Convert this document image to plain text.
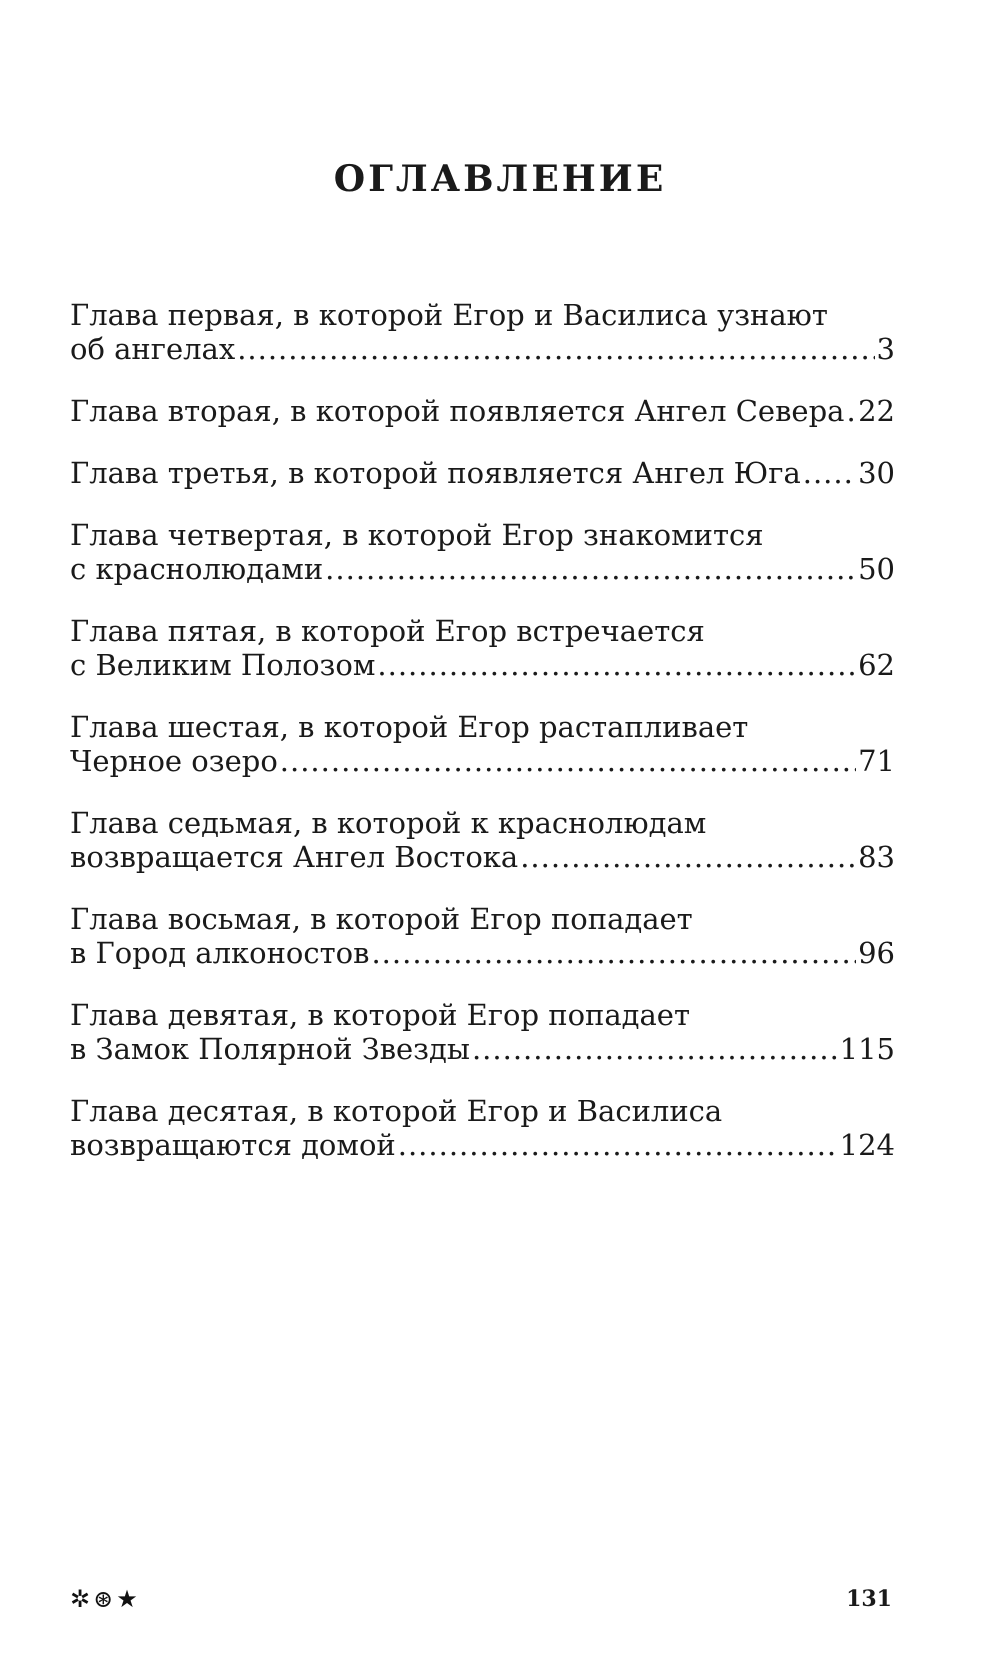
ОГЛАВЛЕНИЕ
Глава первая, в которой Егор и Василиса узнают
об ангелах .....	3
Глава вторая, в которой появляется Ангел Севера ..... 22
Глава третья, в которой появляется Ангел Юга ..... 30
Глава четвертая, в которой Егор знакомится
с краснолюдами .....	50
Глава пятая, в которой Егор встречается
с Великим Полозом .....	62
Глава шестая, в которой Егор растапливает
Черное озеро .....	71
Глава седьмая, в которой к краснолюдам
возвращается Ангел Востока .....	83
Глава восьмая, в которой Егор попадает
в Город алконостов .....	96
Глава девятая, в которой Егор попадает
в Замок Полярной Звезды .....	115
Глава десятая, в которой Егор и Василиса
возвращаются домой .....	124
✲ ⊛ ★	131
